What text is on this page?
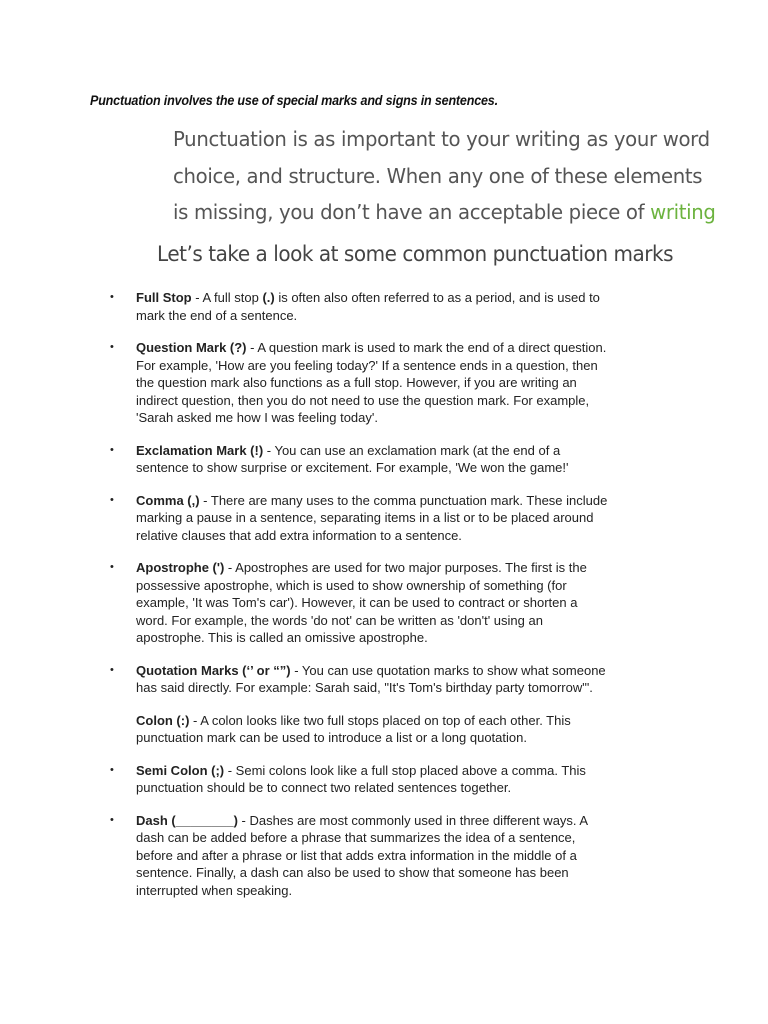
Punctuation involves the use of special marks and signs in sentences.
Punctuation is as important to your writing as your word
choice, and structure. When any one of these elements
is missing, you don’t have an acceptable piece of writing
Let’s take a look at some common punctuation marks
• Full Stop - A full stop (.) is often also often referred to as a period, and is used to
mark the end of a sentence.
• Question Mark (?) - A question mark is used to mark the end of a direct question.
For example, 'How are you feeling today?' If a sentence ends in a question, then
the question mark also functions as a full stop. However, if you are writing an
indirect question, then you do not need to use the question mark. For example,
'Sarah asked me how I was feeling today'.
• Exclamation Mark (!) - You can use an exclamation mark (at the end of a
sentence to show surprise or excitement. For example, 'We won the game!'
• Comma (,) - There are many uses to the comma punctuation mark. These include
marking a pause in a sentence, separating items in a list or to be placed around
relative clauses that add extra information to a sentence.
• Apostrophe (') - Apostrophes are used for two major purposes. The first is the
possessive apostrophe, which is used to show ownership of something (for
example, 'It was Tom's car'). However, it can be used to contract or shorten a
word. For example, the words 'do not' can be written as 'don't' using an
apostrophe. This is called an omissive apostrophe.
• Quotation Marks (‘’ or “”) - You can use quotation marks to show what someone
has said directly. For example: Sarah said, "It's Tom's birthday party tomorrow"'.
Colon (:) - A colon looks like two full stops placed on top of each other. This
punctuation mark can be used to introduce a list or a long quotation.
• Semi Colon (;) - Semi colons look like a full stop placed above a comma. This
punctuation should be to connect two related sentences together.
• Dash (________) - Dashes are most commonly used in three different ways. A
dash can be added before a phrase that summarizes the idea of a sentence,
before and after a phrase or list that adds extra information in the middle of a
sentence. Finally, a dash can also be used to show that someone has been
interrupted when speaking.
